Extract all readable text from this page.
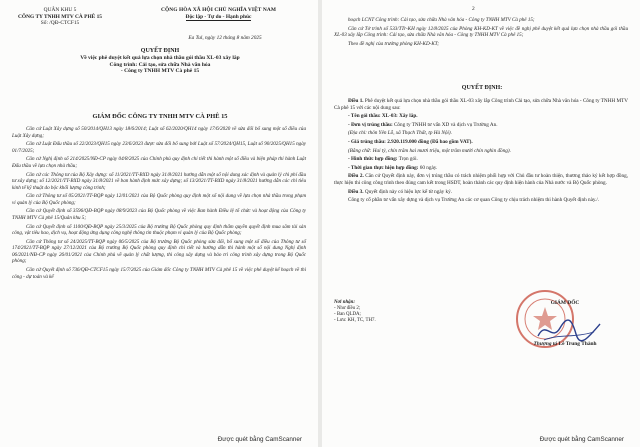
QUÂN KHU 5
CÔNG TY TNHH MTV CÀ PHÊ 15
Số: /QĐ-CTCF15
CỘNG HÒA XÃ HỘI CHỦ NGHĨA VIỆT NAM
Độc lập - Tự do - Hạnh phúc
Ea Tul, ngày 12 tháng 8 năm 2025
QUYẾT ĐỊNH
Về việc phê duyệt kết quả lựa chọn nhà thầu gói thầu XL-03 xây lắp
Công trình: Cải tạo, sửa chữa Nhà văn hóa
- Công ty TNHH MTV Cà phê 15
GIÁM ĐỐC CÔNG TY TNHH MTV CÀ PHÊ 15

Căn cứ Luật Xây dựng số 50/2014/QH13 ngày 18/6/2014; Luật số 62/2020/QH14 ngày 17/6/2020 về sửa đổi bổ sung một số điều của Luật Xây dựng;

Căn cứ Luật Đấu thầu số 22/2023/QH15 ngày 23/6/2023 được sửa đổi bổ sung bởi Luật số 57/2024/QH15, Luật số 90/2025/QH15 ngày 01/7/2025;

Căn cứ Nghị định số 214/2025/NĐ-CP ngày 04/8/2025 của Chính phủ quy định chi tiết thi hành một số điều và biện pháp thi hành Luật Đấu thầu về lựa chọn nhà thầu;

Căn cứ các Thông tư của Bộ Xây dựng: số 11/2021/TT-BXD ngày 31/8/2021 hướng dẫn một số nội dung xác định và quản lý chi phí đầu tư xây dựng; số 12/2021/TT-BXD ngày 31/8/2021 về ban hành định mức xây dựng; số 13/2021/TT-BXD ngày 31/8/2021 hướng dẫn các chỉ tiêu kinh tế kỹ thuật do bộc khối lượng công trình;

Căn cứ Thông tư số 05/2021/TT-BQP ngày 12/01/2021 của Bộ Quốc phòng quy định một số nội dung về lựa chọn nhà thầu trong phạm vi quản lý của Bộ Quốc phòng;

Căn cứ Quyết định số 3596/QĐ-BQP ngày 08/9/2023 của Bộ Quốc phòng về việc Ban hành Điều lệ tổ chức và hoạt động của Công ty TNHH MTV Cà phê 15/Quân khu 5;

Căn cứ Quyết định số 1100/QĐ-BQP ngày 25/3/2025 của Bộ trưởng Bộ Quốc phòng quy định thẩm quyền quyết định mua sắm tài sản công, vật tiêu hao, dịch vụ, hoạt động ứng dụng công nghệ thông tin thuộc phạm vi quản lý của Bộ Quốc phòng;

Căn cứ Thông tư số 24/2025/TT-BQP ngày 06/5/2025 của Bộ trưởng Bộ Quốc phòng sửa đổi, bổ sung một số điều của Thông tư số 174/2021/TT-BQP ngày 27/12/2021 của Bộ trưởng Bộ Quốc phòng quy định chi tiết và hướng dẫn thi hành một số nội dung Nghị định 06/2021/NĐ-CP ngày 26/01/2021 của Chính phủ về quản lý chất lượng, thi công xây dựng và bảo trì công trình xây dựng trong Bộ Quốc phòng;

Căn cứ Quyết định số 736/QĐ-CTCF15 ngày 15/7/2025 của Giám đốc Công ty TNHH MTV Cà phê 15 về việc phê duyệt kế hoạch về thi công - dự toán và kế

Được quét bằng CamScanner
2

hoạch LCNT Công trình: Cải tạo, sửa chữa Nhà văn hóa - Công ty TNHH MTV Cà phê 15;

Căn cứ Tờ trình số 533/TTr-KH ngày 12/8/2025 của Phòng KH-KD-KT về việc đề nghị phê duyệt kết quả lựa chọn nhà thầu gói thầu XL-03 xây lắp Công trình: Cải tạo, sửa chữa Nhà văn hóa - Công ty TNHH MTV Cà phê 15;

Theo đề nghị của trưởng phòng KH-KD-KT;

QUYẾT ĐỊNH:

Điều 1. Phê duyệt kết quả lựa chọn nhà thầu gói thầu XL-03 xây lắp Công trình Cải tạo, sửa chữa Nhà văn hóa - Công ty TNHH MTV Cà phê 15 với các nội dung sau:

- Tên gói thầu: XL-03: Xây lắp.

- Đơn vị trúng thầu: Công ty TNHH tư vấn XD và dịch vụ Trường An.

(Địa chỉ: thôn Yên Lỗ, xã Thạch Thất, tp Hà Nội).

- Giá trúng thầu: 2.920.119.000 đồng (Đã bao gồm VAT).

(Bằng chữ: Hai tỷ, chín trăm hai mươi triệu, một trăm mười chín nghìn đồng).

- Hình thức hợp đồng: Trọn gói.

- Thời gian thực hiện hợp đồng: 60 ngày.

Điều 2. Căn cứ Quyết định này, đơn vị trúng thầu có trách nhiệm phối hợp với Chủ đầu tư hoàn thiện, thương thảo ký kết hợp đồng, thực hiện thi công công trình theo đúng cam kết trong HSDT, hoàn thành các quy định hiện hành của Nhà nước và Bộ Quốc phòng.

Điều 3. Quyết định này có hiệu lực kể từ ngày ký.

Công ty cổ phần tư vấn xây dựng và dịch vụ Trường An các cơ quan Công ty chịu trách nhiệm thi hành Quyết định này./.

Nơi nhận:
- Như điều 2;
- Ban QLDA;
- Lưu: KH, TC, TH7.
GIÁM ĐỐC
Thượng tá Lê Trung Thành
Được quét bằng CamScanner
